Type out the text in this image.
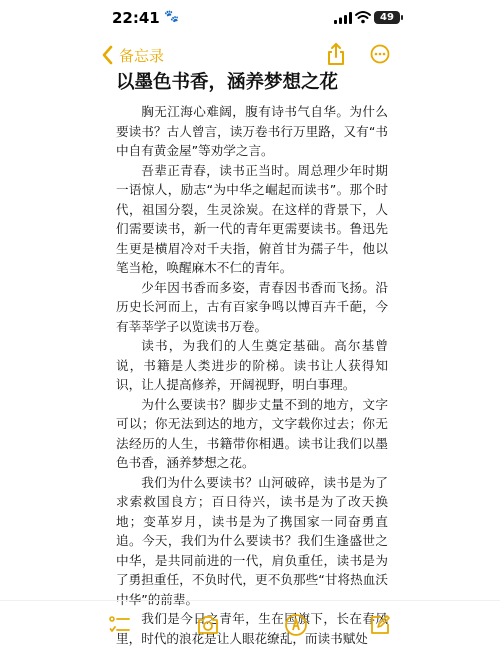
22:41 🐾	49
备忘录
以墨色书香，涵养梦想之花

胸无江海心难阔，腹有诗书气自华。为什么要读书？古人曾言，读万卷书行万里路，又有“书中自有黄金屋”等劝学之言。

吾辈正青春，读书正当时。周总理少年时期一语惊人，励志“为中华之崛起而读书”。那个时代，祖国分裂，生灵涂炭。在这样的背景下，人们需要读书，新一代的青年更需要读书。鲁迅先生更是横眉冷对千夫指，俯首甘为孺子牛，他以笔当枪，唤醒麻木不仁的青年。

少年因书香而多姿，青春因书香而飞扬。沿历史长河而上，古有百家争鸣以博百卉千葩，今有莘莘学子以览读书万卷。

读书，为我们的人生奠定基础。高尔基曾说，书籍是人类进步的阶梯。读书让人获得知识，让人提高修养，开阔视野，明白事理。

为什么要读书？脚步丈量不到的地方，文字可以；你无法到达的地方，文字载你过去；你无法经历的人生，书籍带你相遇。读书让我们以墨色书香，涵养梦想之花。

我们为什么要读书？山河破碎，读书是为了求索救国良方；百日待兴，读书是为了改天换地；变革岁月，读书是为了携国家一同奋勇直追。今天，我们为什么要读书？我们生逢盛世之中华，是共同前进的一代，肩负重任，读书是为了勇担重任，不负时代，更不负那些“甘将热血沃中华”的前辈。

我们是今日之青年，生在国旗下，长在春风里，时代的浪花是让人眼花缭乱，而读书赋处
